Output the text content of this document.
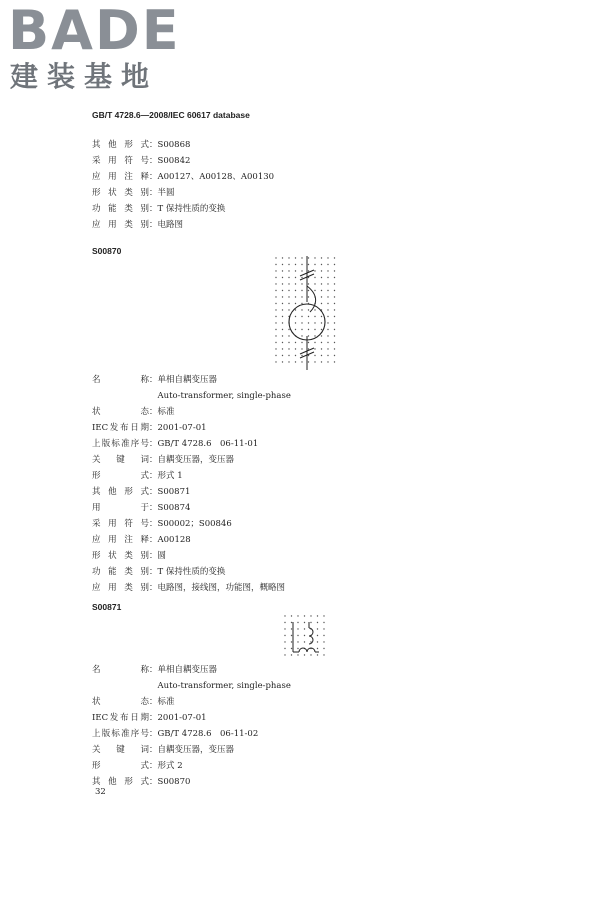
BADE
建装基地
GB/T 4728.6—2008/IEC 60617 database
其他形式：S00868
采用符号：S00842
应用注释：A00127、A00128、A00130
形状类别：半圆
功能类别：T 保持性质的变换
应用类别：电路图
S00870
名称：单相自耦变压器
　Auto-transformer, single-phase
状态：标准
IEC发布日期：2001-07-01
上版标准序号：GB/T 4728.6　06-11-01
关键词：自耦变压器，变压器
形式：形式 1
其他形式：S00871
用于：S00874
采用符号：S00002；S00846
应用注释：A00128
形状类别：圆
功能类别：T 保持性质的变换
应用类别：电路图，接线图，功能图，概略图
S00871
名称：单相自耦变压器
　Auto-transformer, single-phase
状态：标准
IEC发布日期：2001-07-01
上版标准序号：GB/T 4728.6　06-11-02
关键词：自耦变压器，变压器
形式：形式 2
其他形式：S00870
32
